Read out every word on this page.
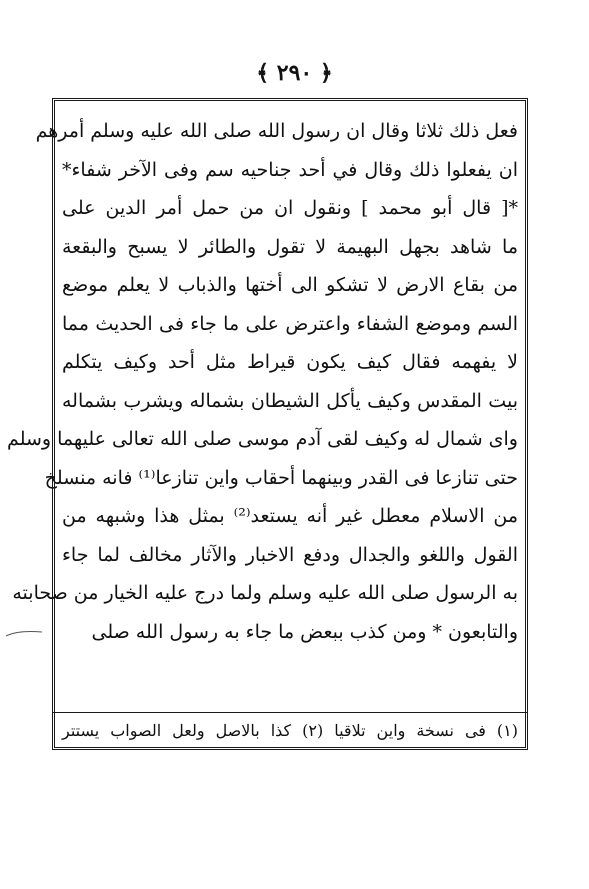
﴿ ٢٩٠ ﴾
فعل ذلك ثلاثا وقال ان رسول الله صلى الله عليه وسلم أمرهم
ان يفعلوا ذلك وقال في أحد جناحيه سم وفى الآخر شفاء*
*[ قال أبو محمد ] ونقول ان من حمل أمر الدين على
ما شاهد بجهل البهيمة لا تقول والطائر لا يسبح والبقعة
من بقاع الارض لا تشكو الى أختها والذباب لا يعلم موضع
السم وموضع الشفاء واعترض على ما جاء فى الحديث مما
لا يفهمه فقال كيف يكون قيراط مثل أحد وكيف يتكلم
بيت المقدس وكيف يأكل الشيطان بشماله ويشرب بشماله
واى شمال له وكيف لقى آدم موسى صلى الله تعالى عليهما وسلم
حتى تنازعا فى القدر وبينهما أحقاب واين تنازعا⁽¹⁾ فانه منسلخ
من الاسلام معطل غير أنه يستعد⁽²⁾ بمثل هذا وشبهه من
القول واللغو والجدال ودفع الاخبار والآثار مخالف لما جاء
به الرسول صلى الله عليه وسلم ولما درج عليه الخيار من صحابته
والتابعون * ومن كذب ببعض ما جاء به رسول الله صلى
(١) فى نسخة واين تلاقيا (٢) كذا بالاصل ولعل الصواب يستتر
